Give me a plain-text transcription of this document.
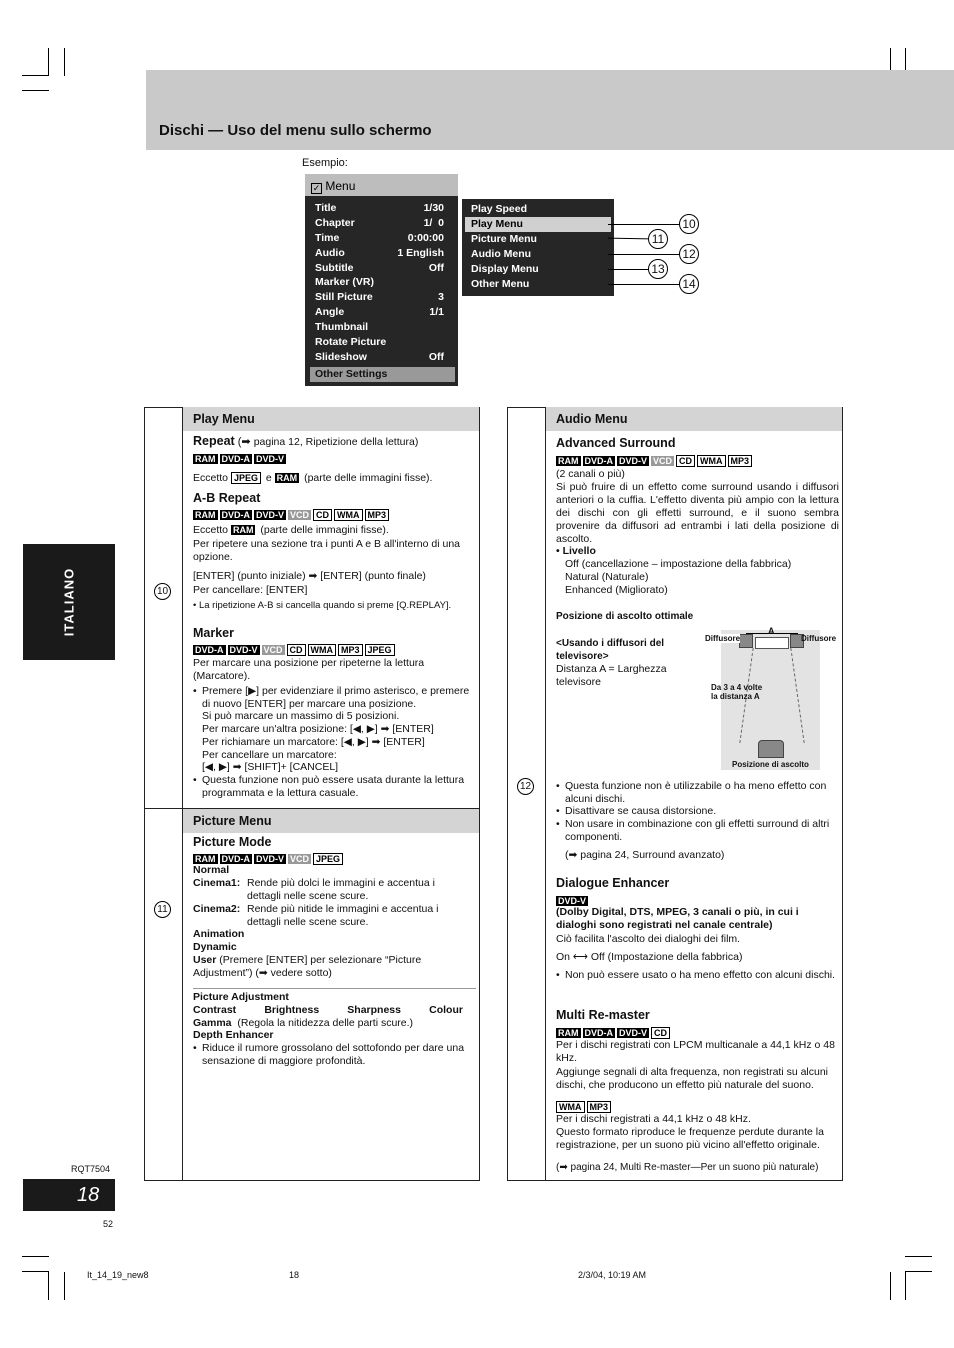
Dischi — Uso del menu sullo schermo
Esempio:
✓ Menu
Title	1/30
Chapter	1/  0
Time	0:00:00
Audio	1 English
Subtitle	Off
Marker (VR)
Still Picture	3
Angle	1/1
Thumbnail
Rotate Picture
Slideshow	Off
Other Settings
Play Speed
Play Menu
Picture Menu
Audio Menu
Display Menu
Other Menu
10
11
12
13
14
ITALIANO
Play Menu
10
Repeat (➡ pagina 12, Ripetizione della lettura)
RAM DVD-A DVD-V
Eccetto JPEG e RAM (parte delle immagini fisse).
A-B Repeat
RAM DVD-A DVD-V VCD CD WMA MP3
Eccetto RAM (parte delle immagini fisse).
Per ripetere una sezione tra i punti A e B all'interno di una opzione.
[ENTER] (punto iniziale) ➡ [ENTER] (punto finale)
Per cancellare: [ENTER]
• La ripetizione A-B si cancella quando si preme [Q.REPLAY].
Marker
DVD-A DVD-V VCD CD WMA MP3 JPEG
Per marcare una posizione per ripeterne la lettura (Marcatore).
• Premere [▶] per evidenziare il primo asterisco, e premere di nuovo [ENTER] per marcare una posizione.
Si può marcare un massimo di 5 posizioni.
Per marcare un'altra posizione: [◀, ▶] ➡ [ENTER]
Per richiamare un marcatore: [◀, ▶] ➡ [ENTER]
Per cancellare un marcatore:
[◀, ▶] ➡ [SHIFT]+ [CANCEL]
• Questa funzione non può essere usata durante la lettura programmata e la lettura casuale.
Picture Menu
11
Picture Mode
RAM DVD-A DVD-V VCD JPEG
Normal
Cinema1: Rende più dolci le immagini e accentua i dettagli nelle scene scure.
Cinema2: Rende più nitide le immagini e accentua i dettagli nelle scene scure.
Animation
Dynamic
User (Premere [ENTER] per selezionare “Picture Adjustment”) (➡ vedere sotto)
Picture Adjustment
Contrast	Brightness	Sharpness	Colour
Gamma (Regola la nitidezza delle parti scure.)
Depth Enhancer
• Riduce il rumore grossolano del sottofondo per dare una sensazione di maggiore profondità.
Audio Menu
12
Advanced Surround
RAM DVD-A DVD-V VCD CD WMA MP3
(2 canali o più)
Si può fruire di un effetto come surround usando i diffusori anteriori o la cuffia. L'effetto diventa più ampio con la lettura dei dischi con gli effetti surround, e il suono sembra provenire da diffusori ad entrambi i lati della posizione di ascolto.
• Livello
Off (cancellazione – impostazione della fabbrica)
Natural (Naturale)
Enhanced (Migliorato)
Posizione di ascolto ottimale
<Usando i diffusori del televisore>
Distanza A = Larghezza televisore
A
Diffusore	Diffusore
Da 3 a 4 volte la distanza A
Posizione di ascolto
• Questa funzione non è utilizzabile o ha meno effetto con alcuni dischi.
• Disattivare se causa distorsione.
• Non usare in combinazione con gli effetti surround di altri componenti.
(➡ pagina 24, Surround avanzato)
Dialogue Enhancer
DVD-V
(Dolby Digital, DTS, MPEG, 3 canali o più, in cui i dialoghi sono registrati nel canale centrale)
Ciò facilita l'ascolto dei dialoghi dei film.
On ⟷ Off (Impostazione della fabbrica)
• Non può essere usato o ha meno effetto con alcuni dischi.
Multi Re-master
RAM DVD-A DVD-V CD
Per i dischi registrati con LPCM multicanale a 44,1 kHz o 48 kHz.
Aggiunge segnali di alta frequenza, non registrati su alcuni dischi, che producono un effetto più naturale del suono.
WMA MP3
Per i dischi registrati a 44,1 kHz o 48 kHz.
Questo formato riproduce le frequenze perdute durante la registrazione, per un suono più vicino all'effetto originale.
(➡ pagina 24, Multi Re-master—Per un suono più naturale)
RQT7504
18
52
It_14_19_new8	18	2/3/04, 10:19 AM
